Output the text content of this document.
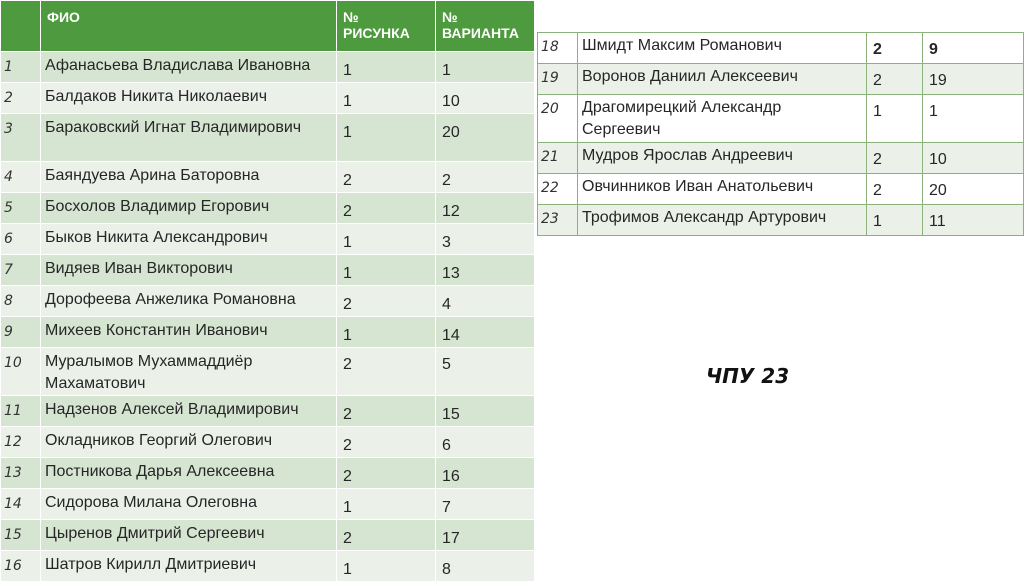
	ФИО	№ РИСУНКА	№ ВАРИАНТА
1	Афанасьева Владислава Ивановна	1	1
2	Балдаков Никита Николаевич	1	10
3	Бараковский Игнат Владимирович	1	20
4	Баяндуева Арина Баторовна	2	2
5	Босхолов Владимир Егорович	2	12
6	Быков Никита Александрович	1	3
7	Видяев Иван Викторович	1	13
8	Дорофеева Анжелика Романовна	2	4
9	Михеев Константин Иванович	1	14
10	Муралымов Мухаммаддиёр Махаматович	2	5
11	Надзенов Алексей Владимирович	2	15
12	Окладников Георгий Олегович	2	6
13	Постникова Дарья Алексеевна	2	16
14	Сидорова Милана Олеговна	1	7
15	Цыренов Дмитрий Сергеевич	2	17
16	Шатров Кирилл Дмитриевич	1	8
18	Шмидт Максим Романович	2	9
19	Воронов Даниил Алексеевич	2	19
20	Драгомирецкий Александр Сергеевич	1	1
21	Мудров Ярослав Андреевич	2	10
22	Овчинников Иван Анатольевич	2	20
23	Трофимов Александр Артурович	1	11
ЧПУ 23
